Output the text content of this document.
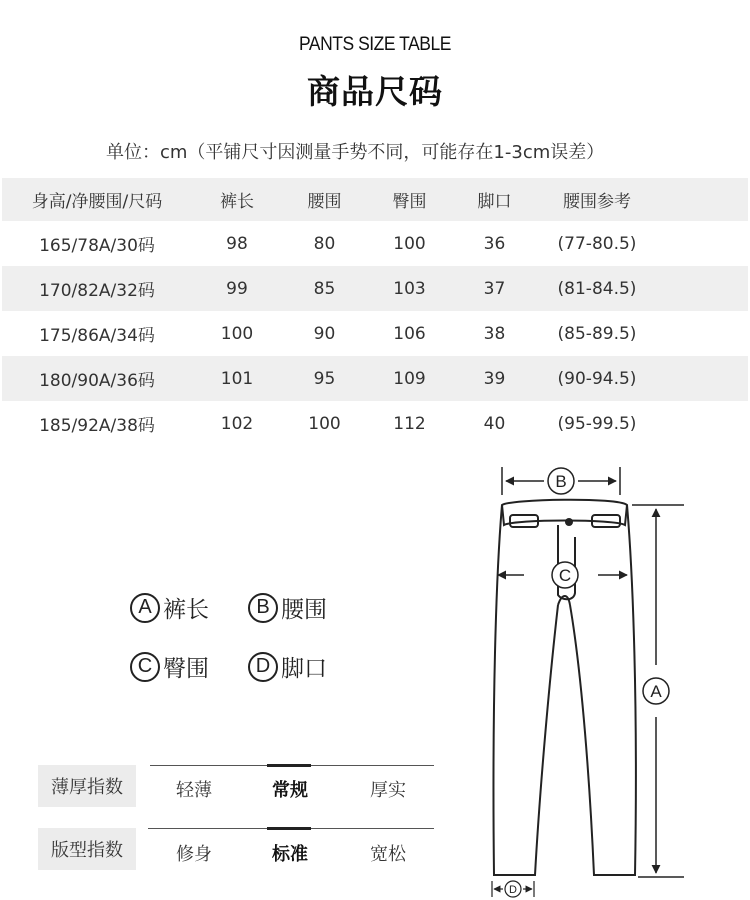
PANTS SIZE TABLE
商品尺码
单位：cm（平铺尺寸因测量手势不同，可能存在1-3cm误差）
身高/净腰围/尺码	裤长	腰围	臀围	脚口	腰围参考	
165/78A/30码	98	80	100	36	(77-80.5)	
170/82A/32码	99	85	103	37	(81-84.5)	
175/86A/34码	100	90	106	38	(85-89.5)	
180/90A/36码	101	95	109	39	(90-94.5)	
185/92A/38码	102	100	112	40	(95-99.5)	
A 裤长	B 腰围
C 臀围	D 脚口
薄厚指数	轻薄	常规	厚实
版型指数	修身	标准	宽松
B
C
A
D
